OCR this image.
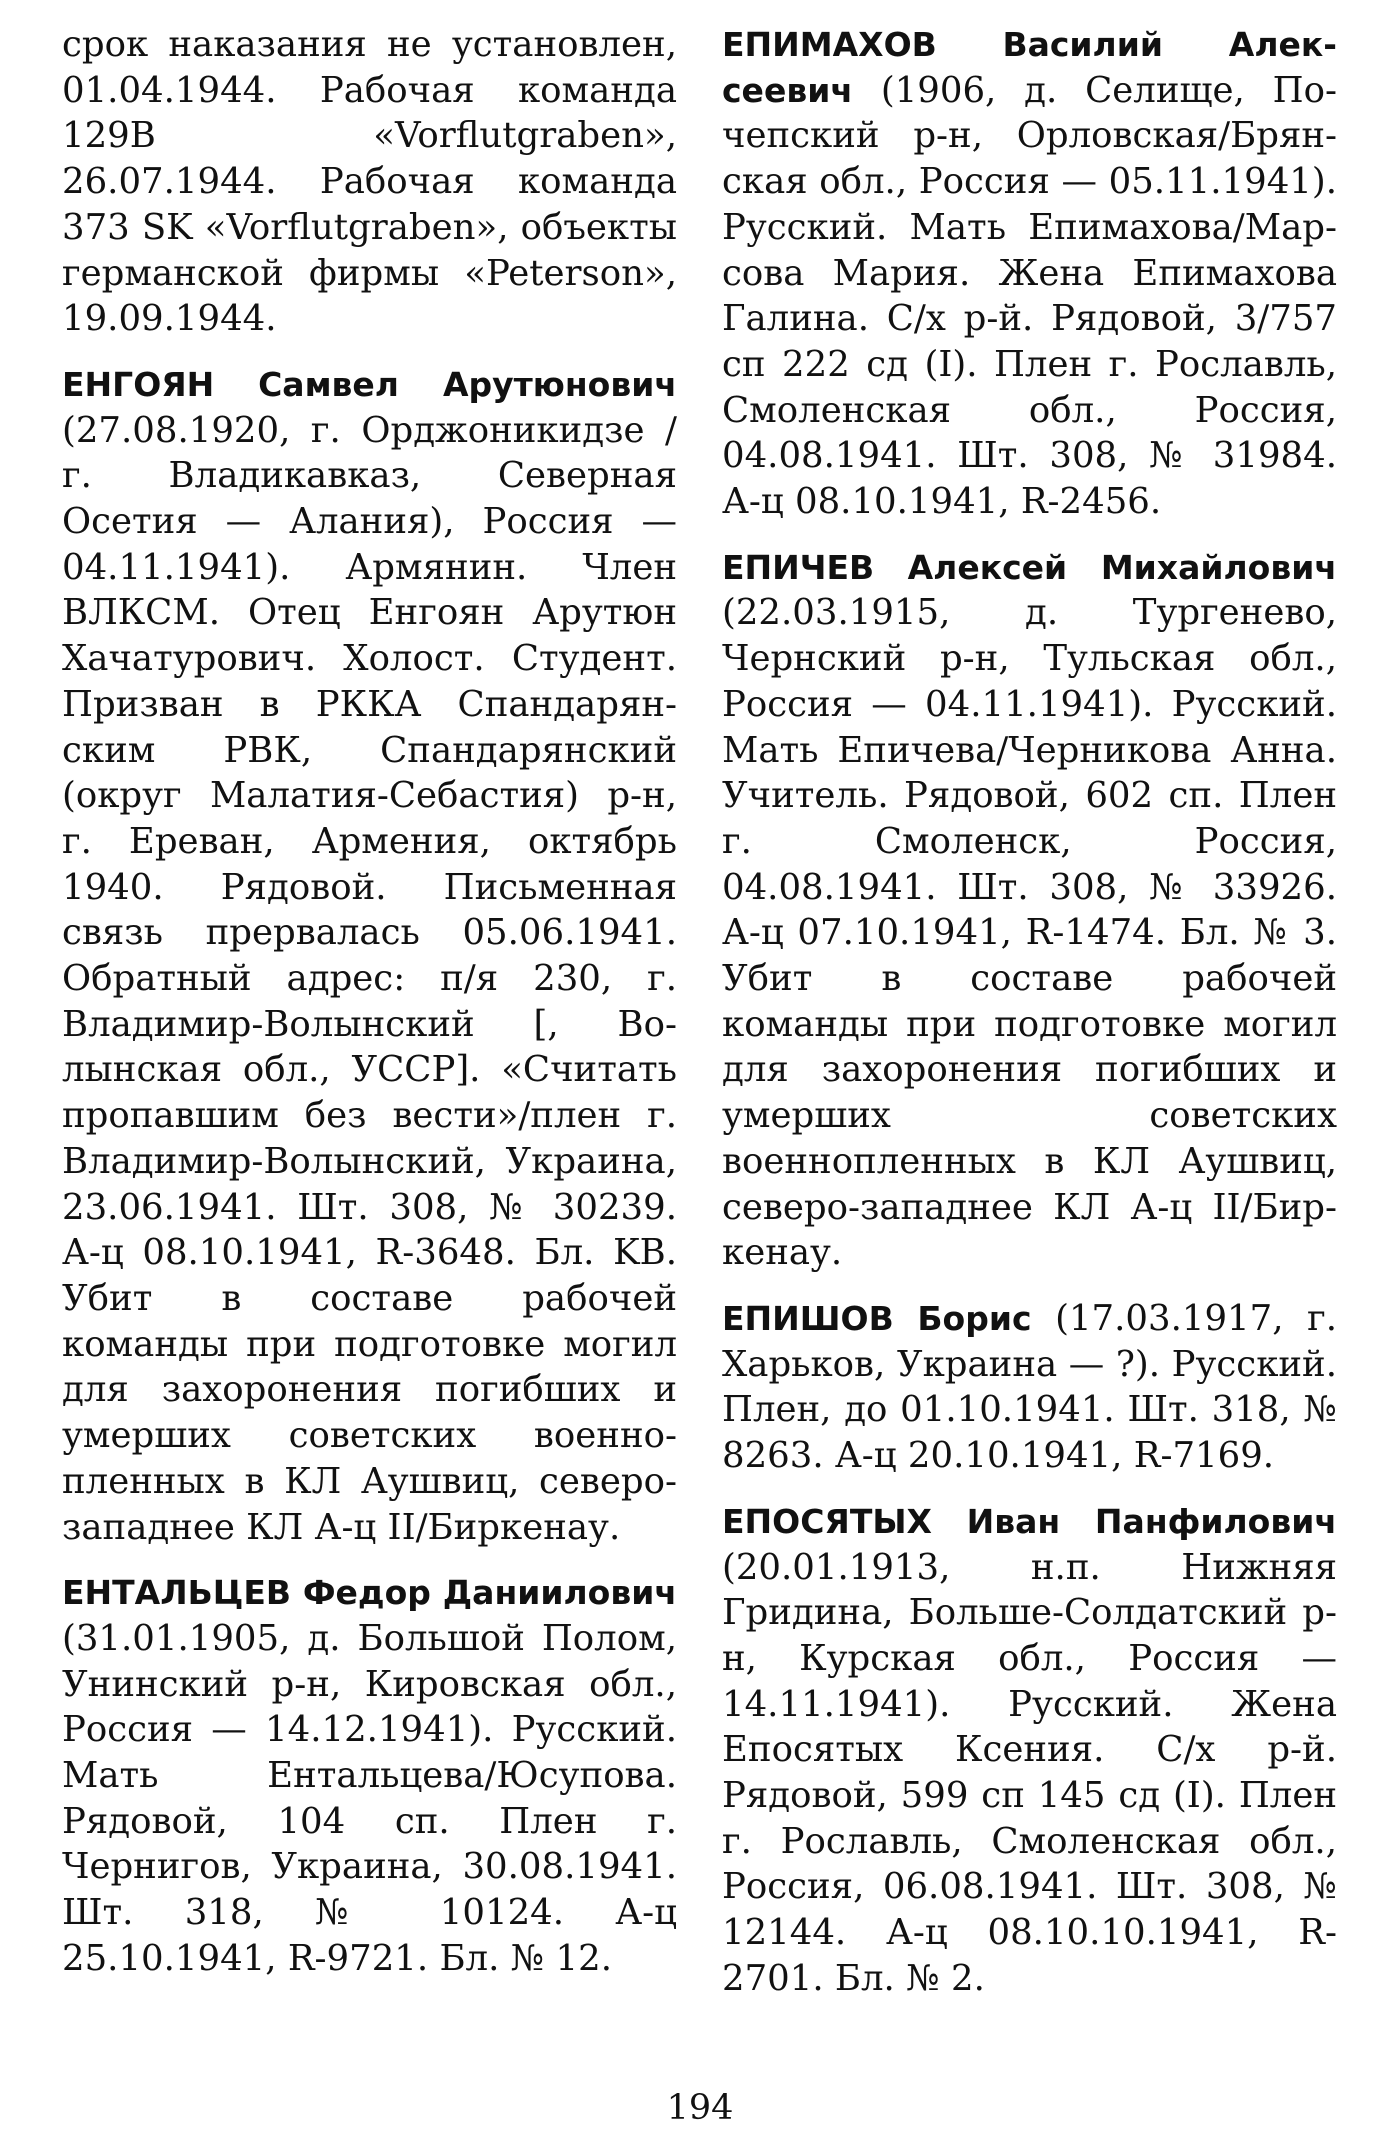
срок наказания не установлен, 01.04.1944. Рабочая команда 129B «Vorflutgraben», 26.07.1944. Рабочая команда 373 SK «Vorflutgraben», объекты германской фирмы «Peterson», 19.09.1944.

ЕНГОЯН Самвел Арутюнович (27.08.1920, г. Орджоникидзе / г. Владикавказ, Северная Осетия — Алания), Россия — 04.11.1941). Армянин. Член ВЛКСМ. Отец Енгоян Арутюн Хачатурович. Холост. Студент. Призван в РККА Спандарянским РВК, Спандарянский (округ Малатия-Себастия) р-н, г. Ереван, Армения, октябрь 1940. Рядовой. Письменная связь прервалась 05.06.1941. Обратный адрес: п/я 230, г. Владимир-Волынский [, Волынская обл., УССР]. «Считать пропавшим без вести»/плен г. Владимир-Волынский, Украина, 23.06.1941. Шт. 308, № 30239. А-ц 08.10.1941, R-3648. Бл. KB. Убит в составе рабочей команды при подготовке могил для захоронения погибших и умерших советских военнопленных в КЛ Аушвиц, северозападнее КЛ А-ц II/Биркенау.

ЕНТАЛЬЦЕВ Федор Даниилович (31.01.1905, д. Большой Полом, Унинский р-н, Кировская обл., Россия — 14.12.1941). Русский. Мать Ентальцева/Юсупова. Рядовой, 104 сп. Плен г. Чернигов, Украина, 30.08.1941. Шт. 318, № 10124. А-ц 25.10.1941, R-9721. Бл. № 12.

ЕПИМАХОВ Василий Алексеевич (1906, д. Селище, Почепский р-н, Орловская/Брянская обл., Россия — 05.11.1941). Русский. Мать Епимахова/Марсова Мария. Жена Епимахова Галина. С/х р-й. Рядовой, 3/757 сп 222 сд (I). Плен г. Рославль, Смоленская обл., Россия, 04.08.1941. Шт. 308, № 31984. А-ц 08.10.1941, R-2456.

ЕПИЧЕВ Алексей Михайлович (22.03.1915, д. Тургенево, Чернский р-н, Тульская обл., Россия — 04.11.1941). Русский. Мать Епичева/Черникова Анна. Учитель. Рядовой, 602 сп. Плен г. Смоленск, Россия, 04.08.1941. Шт. 308, № 33926. А-ц 07.10.1941, R-1474. Бл. № 3. Убит в составе рабочей команды при подготовке могил для захоронения погибших и умерших советских военнопленных в КЛ Аушвиц, северо-западнее КЛ А-ц II/Биркенау.

ЕПИШОВ Борис (17.03.1917, г. Харьков, Украина — ?). Русский. Плен, до 01.10.1941. Шт. 318, № 8263. А-ц 20.10.1941, R-7169.

ЕПОСЯТЫХ Иван Панфилович (20.01.1913, н.п. Нижняя Гридина, Больше-Солдатский р-н, Курская обл., Россия — 14.11.1941). Русский. Жена Епосятых Ксения. С/х р-й. Рядовой, 599 сп 145 сд (I). Плен г. Рославль, Смоленская обл., Россия, 06.08.1941. Шт. 308, № 12144. А-ц 08.10.10.1941, R-2701. Бл. № 2.

194
